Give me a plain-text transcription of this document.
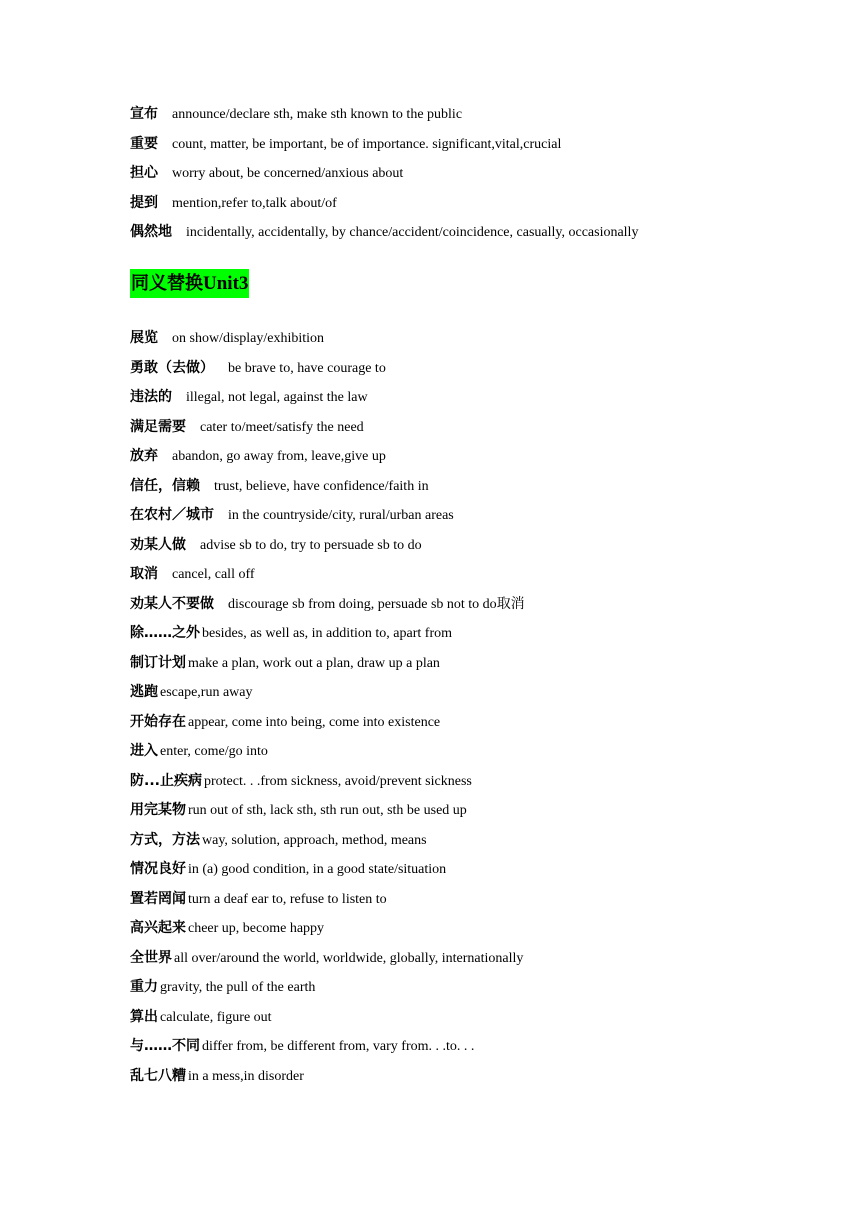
宣布 announce/declare sth, make sth known to the public
重要 count, matter, be important, be of importance. significant,vital,crucial
担心 worry about, be concerned/anxious about
提到 mention,refer to,talk about/of
偶然地 incidentally, accidentally, by chance/accident/coincidence, casually, occasionally
同义替换Unit3
展览 on show/display/exhibition
勇敢（去做） be brave to, have courage to
违法的 illegal, not legal, against the law
满足需要 cater to/meet/satisfy the need
放弃 abandon, go away from, leave,give up
信任，信赖 trust, believe, have confidence/faith in
在农村／城市 in the countryside/city, rural/urban areas
劝某人做 advise sb to do, try to persuade sb to do
取消 cancel, call off
劝某人不要做 discourage sb from doing, persuade sb not to do取消
除……之外 besides, as well as, in addition to, apart from
制订计划 make a plan, work out a plan, draw up a plan
逃跑 escape,run away
开始存在 appear, come into being, come into existence
进入 enter, come/go into
防...止疾病 protect. . .from sickness, avoid/prevent sickness
用完某物 run out of sth, lack sth, sth run out, sth be used up
方式，方法 way, solution, approach, method, means
情况良好 in (a) good condition, in a good state/situation
置若罔闻 turn a deaf ear to, refuse to listen to
高兴起来 cheer up, become happy
全世界 all over/around the world, worldwide, globally, internationally
重力 gravity, the pull of the earth
算出 calculate, figure out
与……不同 differ from, be different from, vary from. . .to. . .
乱七八糟 in a mess,in disorder
